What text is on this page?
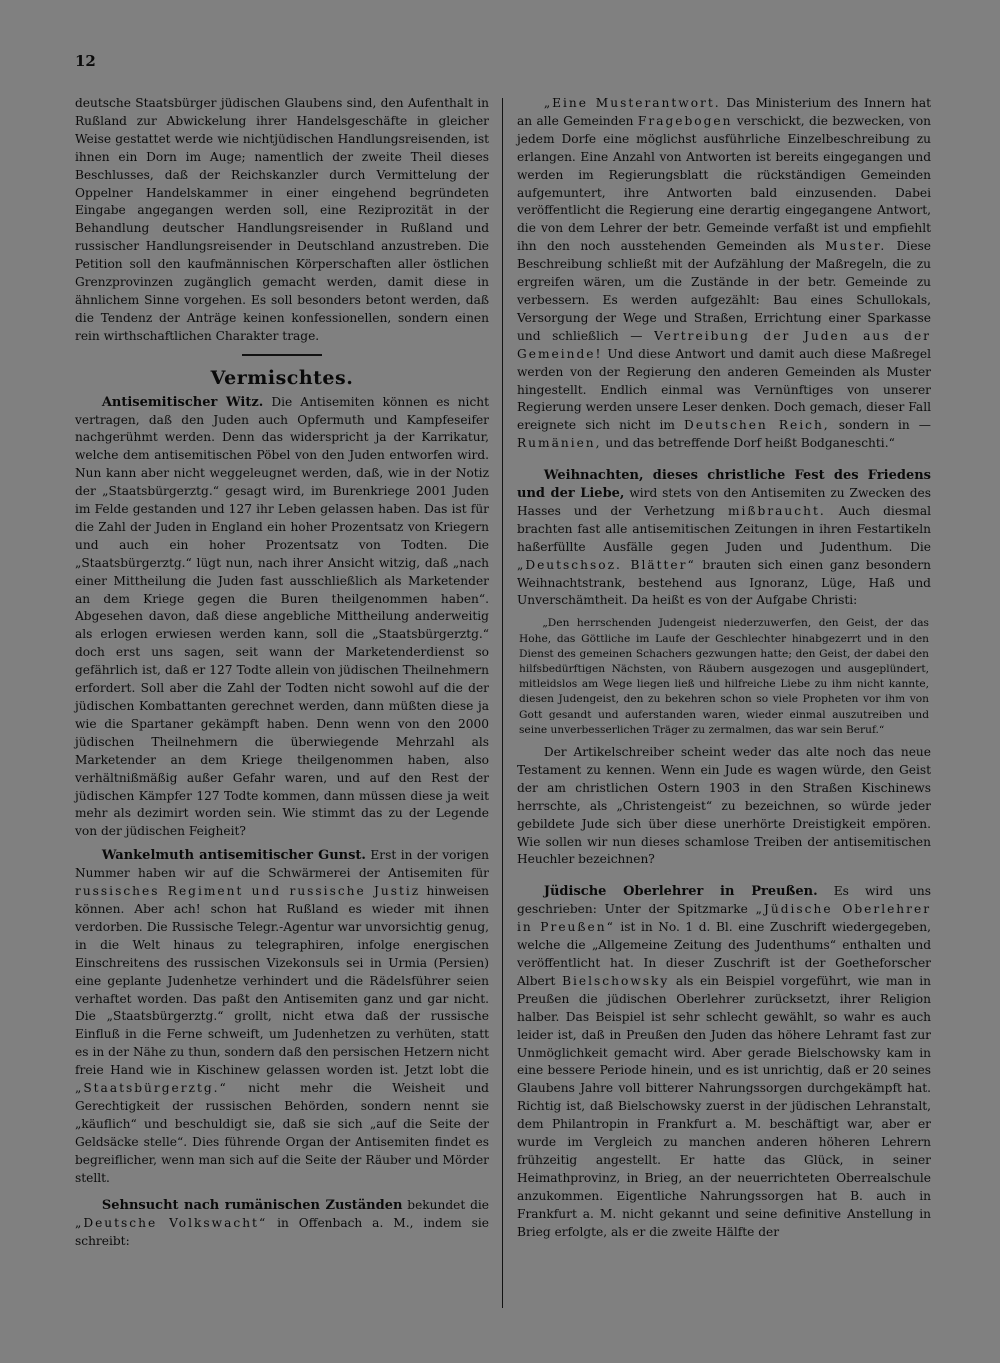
12

deutsche Staatsbürger jüdischen Glaubens sind, den Aufenthalt in Rußland zur Abwickelung ihrer Handelsgeschäfte in gleicher Weise gestattet werde wie nichtjüdischen Handlungsreisenden, ist ihnen ein Dorn im Auge; namentlich der zweite Theil dieses Beschlusses, daß der Reichskanzler durch Vermittelung der Oppelner Handelskammer in einer eingehend begründeten Eingabe angegangen werden soll, eine Reziprozität in der Behandlung deutscher Handlungsreisender in Rußland und russischer Handlungsreisender in Deutschland anzustreben. Die Petition soll den kaufmännischen Körperschaften aller östlichen Grenzprovinzen zugänglich gemacht werden, damit diese in ähnlichem Sinne vorgehen. Es soll besonders betont werden, daß die Tendenz der Anträge keinen konfessionellen, sondern einen rein wirthschaftlichen Charakter trage.

Vermischtes.

Antisemitischer Witz. Die Antisemiten können es nicht vertragen, daß den Juden auch Opfermuth und Kampfeseifer nachgerühmt werden. Denn das widerspricht ja der Karrikatur, welche dem antisemitischen Pöbel von den Juden entworfen wird. Nun kann aber nicht weggeleugnet werden, daß, wie in der Notiz der „Staatsbürgerztg.“ gesagt wird, im Burenkriege 2001 Juden im Felde gestanden und 127 ihr Leben gelassen haben. Das ist für die Zahl der Juden in England ein hoher Prozentsatz von Kriegern und auch ein hoher Prozentsatz von Todten. Die „Staatsbürgerztg.“ lügt nun, nach ihrer Ansicht witzig, daß „nach einer Mittheilung die Juden fast ausschließlich als Marketender an dem Kriege gegen die Buren theilgenommen haben“. Abgesehen davon, daß diese angebliche Mittheilung anderweitig als erlogen erwiesen werden kann, soll die „Staatsbürgerztg.“ doch erst uns sagen, seit wann der Marketenderdienst so gefährlich ist, daß er 127 Todte allein von jüdischen Theilnehmern erfordert. Soll aber die Zahl der Todten nicht sowohl auf die der jüdischen Kombattanten gerechnet werden, dann müßten diese ja wie die Spartaner gekämpft haben. Denn wenn von den 2000 jüdischen Theilnehmern die überwiegende Mehrzahl als Marketender an dem Kriege theilgenommen haben, also verhältnißmäßig außer Gefahr waren, und auf den Rest der jüdischen Kämpfer 127 Todte kommen, dann müssen diese ja weit mehr als dezimirt worden sein. Wie stimmt das zu der Legende von der jüdischen Feigheit?

Wankelmuth antisemitischer Gunst. Erst in der vorigen Nummer haben wir auf die Schwärmerei der Antisemiten für russisches Regiment und russische Justiz hinweisen können. Aber ach! schon hat Rußland es wieder mit ihnen verdorben. Die Russische Telegr.-Agentur war unvorsichtig genug, in die Welt hinaus zu telegraphiren, infolge energischen Einschreitens des russischen Vizekonsuls sei in Urmia (Persien) eine geplante Judenhetze verhindert und die Rädelsführer seien verhaftet worden. Das paßt den Antisemiten ganz und gar nicht. Die „Staatsbürgerztg.“ grollt, nicht etwa daß der russische Einfluß in die Ferne schweift, um Judenhetzen zu verhüten, statt es in der Nähe zu thun, sondern daß den persischen Hetzern nicht freie Hand wie in Kischinew gelassen worden ist. Jetzt lobt die „Staatsbürgerztg.“ nicht mehr die Weisheit und Gerechtigkeit der russischen Behörden, sondern nennt sie „käuflich“ und beschuldigt sie, daß sie sich „auf die Seite der Geldsäcke stelle“. Dies führende Organ der Antisemiten findet es begreiflicher, wenn man sich auf die Seite der Räuber und Mörder stellt.

Sehnsucht nach rumänischen Zuständen bekundet die „Deutsche Volkswacht“ in Offenbach a. M., indem sie schreibt:

„Eine Musterantwort. Das Ministerium des Innern hat an alle Gemeinden Fragebogen verschickt, die bezwecken, von jedem Dorfe eine möglichst ausführliche Einzelbeschreibung zu erlangen. Eine Anzahl von Antworten ist bereits eingegangen und werden im Regierungsblatt die rückständigen Gemeinden aufgemuntert, ihre Antworten bald einzusenden. Dabei veröffentlicht die Regierung eine derartig eingegangene Antwort, die von dem Lehrer der betr. Gemeinde verfaßt ist und empfiehlt ihn den noch ausstehenden Gemeinden als Muster. Diese Beschreibung schließt mit der Aufzählung der Maßregeln, die zu ergreifen wären, um die Zustände in der betr. Gemeinde zu verbessern. Es werden aufgezählt: Bau eines Schullokals, Versorgung der Wege und Straßen, Errichtung einer Sparkasse und schließlich — Vertreibung der Juden aus der Gemeinde! Und diese Antwort und damit auch diese Maßregel werden von der Regierung den anderen Gemeinden als Muster hingestellt. Endlich einmal was Vernünftiges von unserer Regierung werden unsere Leser denken. Doch gemach, dieser Fall ereignete sich nicht im Deutschen Reich, sondern in — Rumänien, und das betreffende Dorf heißt Bodganeschti.“

Weihnachten, dieses christliche Fest des Friedens und der Liebe, wird stets von den Antisemiten zu Zwecken des Hasses und der Verhetzung mißbraucht. Auch diesmal brachten fast alle antisemitischen Zeitungen in ihren Festartikeln haßerfüllte Ausfälle gegen Juden und Judenthum. Die „Deutschsoz. Blätter“ brauten sich einen ganz besondern Weihnachtstrank, bestehend aus Ignoranz, Lüge, Haß und Unverschämtheit. Da heißt es von der Aufgabe Christi:

„Den herrschenden Judengeist niederzuwerfen, den Geist, der das Hohe, das Göttliche im Laufe der Geschlechter hinabgezerrt und in den Dienst des gemeinen Schachers gezwungen hatte; den Geist, der dabei den hilfsbedürftigen Nächsten, von Räubern ausgezogen und ausgeplündert, mitleidslos am Wege liegen ließ und hilfreiche Liebe zu ihm nicht kannte, diesen Judengeist, den zu bekehren schon so viele Propheten vor ihm von Gott gesandt und auferstanden waren, wieder einmal auszutreiben und seine unverbesserlichen Träger zu zermalmen, das war sein Beruf.“

Der Artikelschreiber scheint weder das alte noch das neue Testament zu kennen. Wenn ein Jude es wagen würde, den Geist der am christlichen Ostern 1903 in den Straßen Kischinews herrschte, als „Christengeist“ zu bezeichnen, so würde jeder gebildete Jude sich über diese unerhörte Dreistigkeit empören. Wie sollen wir nun dieses schamlose Treiben der antisemitischen Heuchler bezeichnen?

Jüdische Oberlehrer in Preußen. Es wird uns geschrieben: Unter der Spitzmarke „Jüdische Oberlehrer in Preußen“ ist in No. 1 d. Bl. eine Zuschrift wiedergegeben, welche die „Allgemeine Zeitung des Judenthums“ enthalten und veröffentlicht hat. In dieser Zuschrift ist der Goetheforscher Albert Bielschowsky als ein Beispiel vorgeführt, wie man in Preußen die jüdischen Oberlehrer zurücksetzt, ihrer Religion halber. Das Beispiel ist sehr schlecht gewählt, so wahr es auch leider ist, daß in Preußen den Juden das höhere Lehramt fast zur Unmöglichkeit gemacht wird. Aber gerade Bielschowsky kam in eine bessere Periode hinein, und es ist unrichtig, daß er 20 seines Glaubens Jahre voll bitterer Nahrungssorgen durchgekämpft hat. Richtig ist, daß Bielschowsky zuerst in der jüdischen Lehranstalt, dem Philantropin in Frankfurt a. M. beschäftigt war, aber er wurde im Vergleich zu manchen anderen höheren Lehrern frühzeitig angestellt. Er hatte das Glück, in seiner Heimathprovinz, in Brieg, an der neuerrichteten Oberrealschule anzukommen. Eigentliche Nahrungssorgen hat B. auch in Frankfurt a. M. nicht gekannt und seine definitive Anstellung in Brieg erfolgte, als er die zweite Hälfte der
